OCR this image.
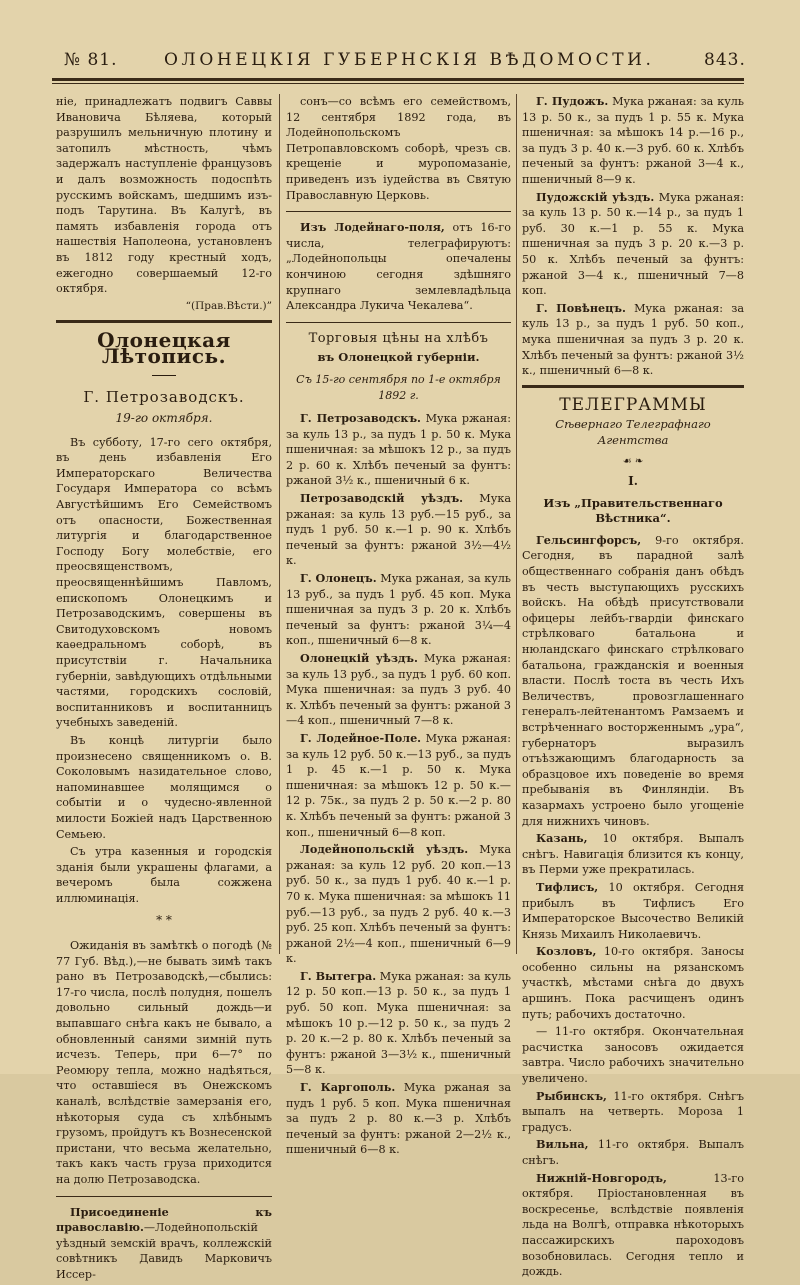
№ 81.	ОЛОНЕЦКІЯ ГУБЕРНСКІЯ ВѢДОМОСТИ.	843.

ніе, принадлежатъ подвигъ Саввы Ивановича Бѣляева, который разрушилъ мельничную плотину и затопилъ мѣстность, чѣмъ задержалъ наступленіе французовъ и далъ возможность подоспѣть русскимъ войскамъ, шедшимъ изъ-подъ Тарутина. Въ Калугѣ, въ память избавленія города отъ нашествія Наполеона, установленъ въ 1812 году крестный ходъ, ежегодно совершаемый 12-го октября.

“(Прав.Вѣсти.)”
Олонецкая Лѣтопись.
Г. Петрозаводскъ.
19-го октября.

Въ субботу, 17-го сего октября, въ день избавленія Его Императорскаго Величества Государя Императора со всѣмъ Августѣйшимъ Его Семействомъ отъ опасности, Божественная литургія и благодарственное Господу Богу молебствіе, его преосвященствомъ, преосвященнѣйшимъ Павломъ, епископомъ Олонецкимъ и Петрозаводскимъ, совершены въ Свитодуховскомъ новомъ каѳедральномъ соборѣ, въ присутствіи г. Начальника губерніи, завѣдующихъ отдѣльными частями, городскихъ сословій, воспитанниковъ и воспитанницъ учебныхъ заведеній.

Въ концѣ литургіи было произнесено священникомъ о. В. Соколовымъ назидательное слово, напоминавшее молящимся о событіи и о чудесно-явленной милости Божіей надъ Царственною Семьею.

Съ утра казенныя и городскія зданія были украшены флагами, а вечеромъ была сожжена иллюминація.

* *

Ожиданія въ замѣткѣ о погодѣ (№ 77 Губ. Вѣд.),—не бывать зимѣ такъ рано въ Петрозаводскѣ,—сбылись: 17-го числа, послѣ полудня, пошелъ довольно сильный дождь—и выпавшаго снѣга какъ не бывало, а обновленный санями зимній путь исчезъ. Теперь, при 6—7° по Реомюру тепла, можно надѣяться, что оставшіеся въ Онежскомъ каналѣ, вслѣдствіе замерзанія его, нѣкоторыя суда съ хлѣбнымъ грузомъ, пройдутъ къ Вознесенской пристани, что весьма желательно, такъ какъ часть груза приходится на долю Петрозаводска.

Присоединеніе къ православію.—Лодейнопольскій уѣздный земскій врачъ, коллежскій совѣтникъ Давидъ Марковичъ Иссер-

сонъ—со всѣмъ его семействомъ, 12 сентября 1892 года, въ Лодейнопольскомъ Петропавловскомъ соборѣ, чрезъ св. крещеніе и муропомазаніе, приведенъ изъ іудейства въ Святую Православную Церковь.

Изъ Лодейнаго-поля, отъ 16-го числа, телеграфируютъ: „Лодейнопольцы опечалены кончиною сегодня здѣшняго крупнаго землевладѣльца Александра Лукича Чекалева“.

Торговыя цѣны на хлѣбъ
въ Олонецкой губерніи.
Съ 15-го сентября по 1-е октября 1892 г.

Г. Петрозаводскъ. Мука ржаная: за куль 13 р., за пудъ 1 р. 50 к. Мука пшеничная: за мѣшокъ 12 р., за пудъ 2 р. 60 к. Хлѣбъ печеный за фунтъ: ржаной 3½ к., пшеничный 6 к.

Петрозаводскій уѣздъ. Мука ржаная: за куль 13 руб.—15 руб., за пудъ 1 руб. 50 к.—1 р. 90 к. Хлѣбъ печеный за фунтъ: ржаной 3½—4½ к.

Г. Олонецъ. Мука ржаная, за куль 13 руб., за пудъ 1 руб. 45 коп. Мука пшеничная за пудъ 3 р. 20 к. Хлѣбъ печеный за фунтъ: ржаной 3¼—4 коп., пшеничный 6—8 к.

Олонецкій уѣздъ. Мука ржаная: за куль 13 руб., за пудъ 1 руб. 60 коп. Мука пшеничная: за пудъ 3 руб. 40 к. Хлѣбъ печеный за фунтъ: ржаной 3—4 коп., пшеничный 7—8 к.

Г. Лодейное-Поле. Мука ржаная: за куль 12 руб. 50 к.—13 руб., за пудъ 1 р. 45 к.—1 р. 50 к. Мука пшеничная: за мѣшокъ 12 р. 50 к.—12 р. 75к., за пудъ 2 р. 50 к.—2 р. 80 к. Хлѣбъ печеный за фунтъ: ржаной 3 коп., пшеничный 6—8 коп.

Лодейнопольскій уѣздъ. Мука ржаная: за куль 12 руб. 20 коп.—13 руб. 50 к., за пудъ 1 руб. 40 к.—1 р. 70 к. Мука пшеничная: за мѣшокъ 11 руб.—13 руб., за пудъ 2 руб. 40 к.—3 руб. 25 коп. Хлѣбъ печеный за фунтъ: ржаной 2½—4 коп., пшеничный 6—9 к.

Г. Вытегра. Мука ржаная: за куль 12 р. 50 коп.—13 р. 50 к., за пудъ 1 руб. 50 коп. Мука пшеничная: за мѣшокъ 10 р.—12 р. 50 к., за пудъ 2 р. 20 к.—2 р. 80 к. Хлѣбъ печеный за фунтъ: ржаной 3—3½ к., пшеничный 5—8 к.

Г. Каргополь. Мука ржаная за пудъ 1 руб. 5 коп. Мука пшеничная за пудъ 2 р. 80 к.—3 р. Хлѣбъ печеный за фунтъ: ржаной 2—2½ к., пшеничный 6—8 к.

Г. Пудожъ. Мука ржаная: за куль 13 р. 50 к., за пудъ 1 р. 55 к. Мука пшеничная: за мѣшокъ 14 р.—16 р., за пудъ 3 р. 40 к.—3 руб. 60 к. Хлѣбъ печеный за фунтъ: ржаной 3—4 к., пшеничный 8—9 к.

Пудожскій уѣздъ. Мука ржаная: за куль 13 р. 50 к.—14 р., за пудъ 1 руб. 30 к.—1 р. 55 к. Мука пшеничная за пудъ 3 р. 20 к.—3 р. 50 к. Хлѣбъ печеный за фунтъ: ржаной 3—4 к., пшеничный 7—8 коп.

Г. Повѣнецъ. Мука ржаная: за куль 13 р., за пудъ 1 руб. 50 коп., мука пшеничная за пудъ 3 р. 20 к. Хлѣбъ печеный за фунтъ: ржаной 3½ к., пшеничный 6—8 к.

ТЕЛЕГРАММЫ
Сѣвернаго Телеграфнаго Агентства
☙ ❧
I.
Изъ „Правительственнаго Вѣстника“.

Гельсингфорсъ, 9-го октября. Сегодня, въ парадной залѣ общественнаго собранія данъ обѣдъ въ честь выступающихъ русскихъ войскъ. На обѣдѣ присутствовали офицеры лейбъ-гвардіи финскаго стрѣлковаго батальона и нюландскаго финскаго стрѣлковаго батальона, гражданскія и военныя власти. Послѣ тоста въ честь Ихъ Величествъ, провозглашеннаго генералъ-лейтенантомъ Рамзаемъ и встрѣченнаго восторженнымъ „ура“, губернаторъ выразилъ отъѣзжающимъ благодарность за образцовое ихъ поведеніе во время пребыванія въ Финляндіи. Въ казармахъ устроено было угощеніе для нижнихъ чиновъ.

Казань, 10 октября. Выпалъ снѣгъ. Навигація близится къ концу, въ Перми уже прекратилась.

Тифлисъ, 10 октября. Сегодня прибылъ въ Тифлисъ Его Императорское Высочество Великій Князь Михаилъ Николаевичъ.

Козловъ, 10-го октября. Заносы особенно сильны на рязанскомъ участкѣ, мѣстами снѣга до двухъ аршинъ. Пока расчищенъ одинъ путь; рабочихъ достаточно.

— 11-го октября. Окончательная расчистка заносовъ ожидается завтра. Число рабочихъ значительно увеличено.

Рыбинскъ, 11-го октября. Снѣгъ выпалъ на четверть. Мороза 1 градусъ.

Вильна, 11-го октября. Выпалъ снѣгъ.

Нижній-Новгородъ,	13-го октября. Пріостановленная въ воскресенье, вслѣдствіе появленія льда на Волгѣ, отправка нѣкоторыхъ пассажирскихъ пароходовъ возобновилась. Сегодня тепло и дождь.
